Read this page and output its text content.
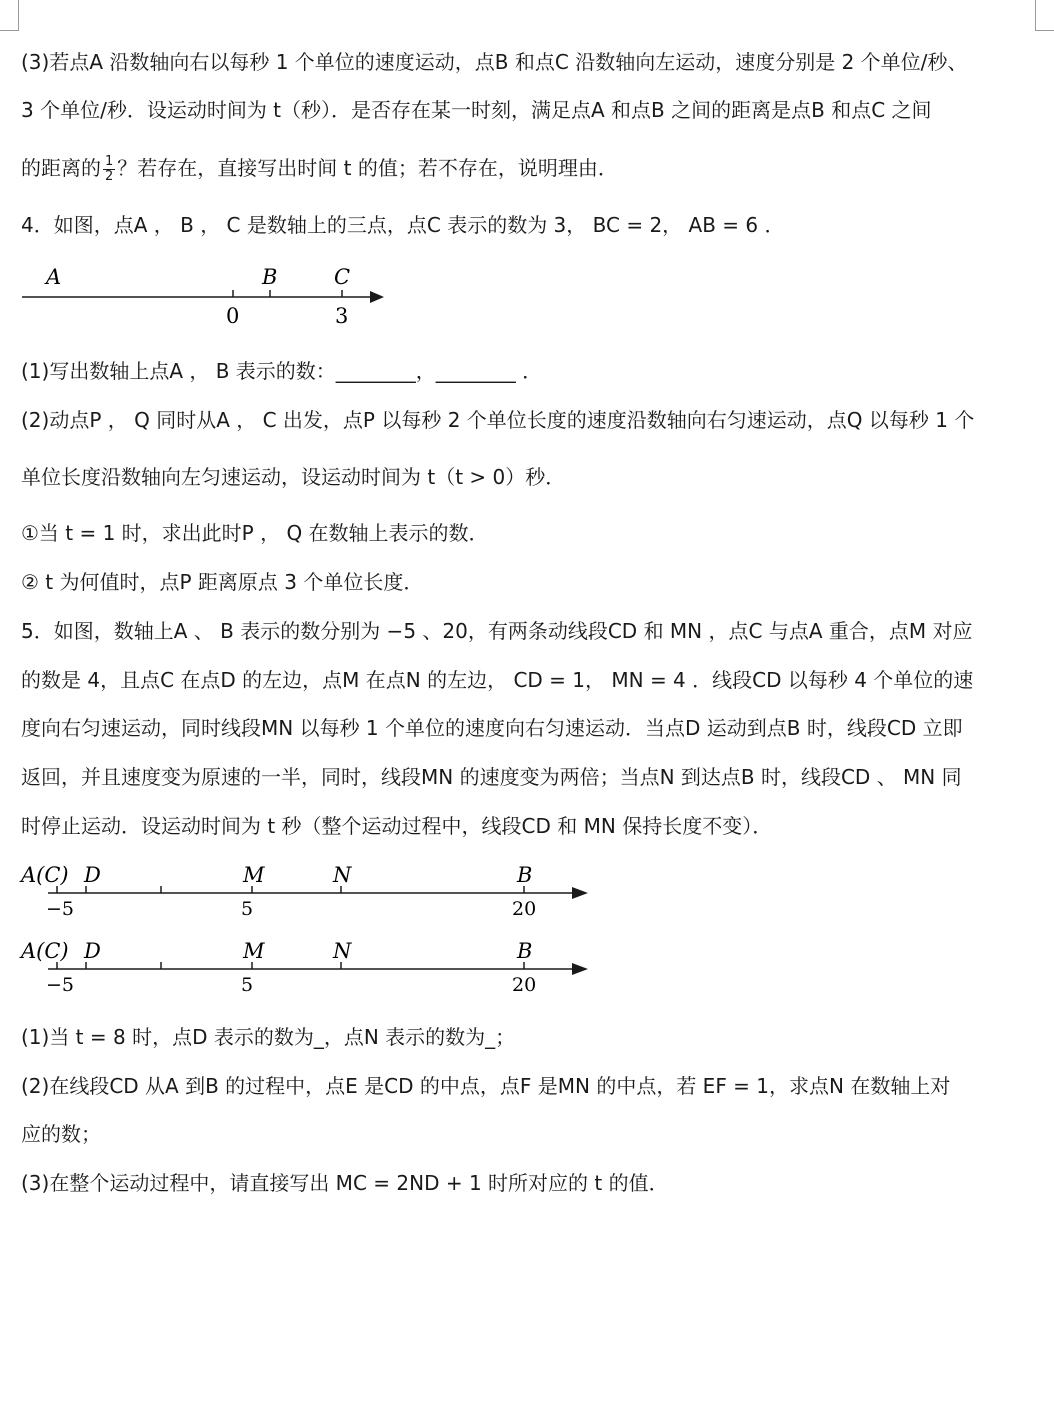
(3)若点A 沿数轴向右以每秒 1 个单位的速度运动，点B 和点C 沿数轴向左运动，速度分别是 2 个单位/秒、
3 个单位/秒．设运动时间为 t（秒）．是否存在某一时刻，满足点A 和点B 之间的距离是点B 和点C 之间
的距离的 $\frac{1}{2}$ ？若存在，直接写出时间 t 的值；若不存在，说明理由．
4．如图，点A ， B ， C 是数轴上的三点，点C 表示的数为 3， BC = 2， AB = 6 ．
A	B	C
0	3
A(C) D	M	N	B
−5	5	20
A(C) D	M	N	B
−5	5	20
(1)写出数轴上点A ， B 表示的数：________，________ ．
(2)动点P ， Q 同时从A ， C 出发，点P 以每秒 2 个单位长度的速度沿数轴向右匀速运动，点Q 以每秒 1 个
单位长度沿数轴向左匀速运动，设运动时间为 t（t > 0）秒．
①当 t = 1 时，求出此时P ， Q 在数轴上表示的数．
② t 为何值时，点P 距离原点 3 个单位长度．
5．如图，数轴上A 、 B 表示的数分别为 −5 、20，有两条动线段CD 和 MN ，点C 与点A 重合，点M 对应
的数是 4，且点C 在点D 的左边，点M 在点N 的左边， CD = 1， MN = 4 ．线段CD 以每秒 4 个单位的速
度向右匀速运动，同时线段MN 以每秒 1 个单位的速度向右匀速运动．当点D 运动到点B 时，线段CD 立即
返回，并且速度变为原速的一半，同时，线段MN 的速度变为两倍；当点N 到达点B 时，线段CD 、 MN 同
时停止运动．设运动时间为 t 秒（整个运动过程中，线段CD 和 MN 保持长度不变）．
(1)当 t = 8 时，点D 表示的数为_，点N 表示的数为_；
(2)在线段CD 从A 到B 的过程中，点E 是CD 的中点，点F 是MN 的中点，若 EF = 1，求点N 在数轴上对
应的数；
(3)在整个运动过程中，请直接写出 MC = 2ND + 1 时所对应的 t 的值．
